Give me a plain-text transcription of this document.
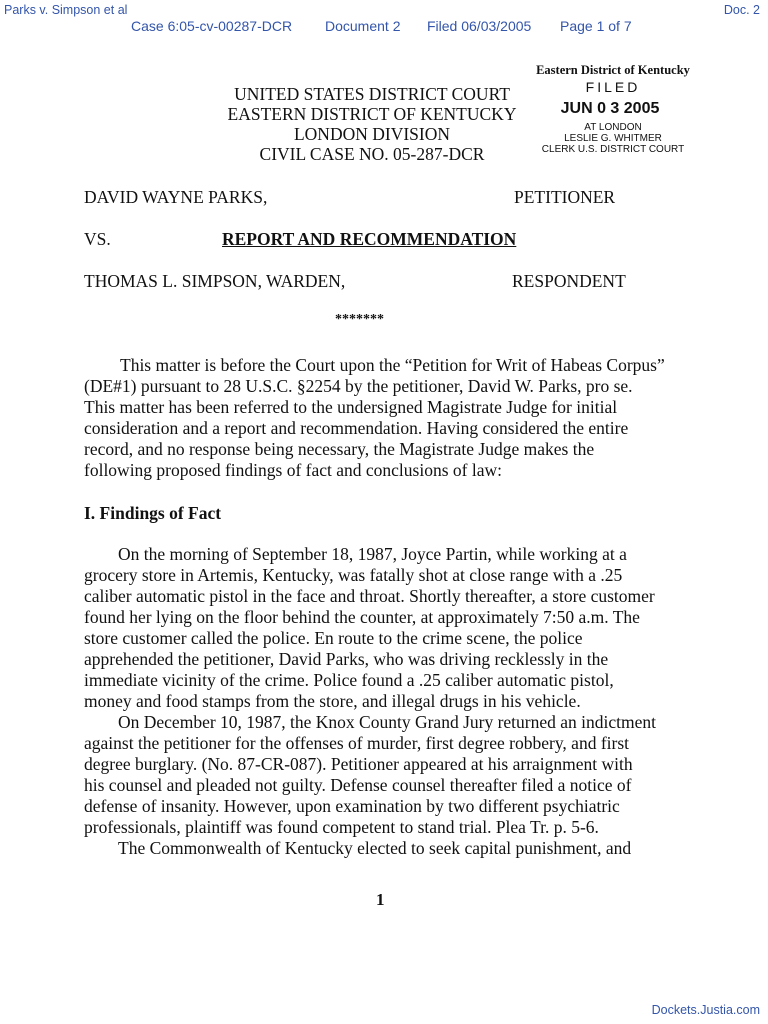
Parks v. Simpson et al	Doc. 2
Case 6:05-cv-00287-DCR Document 2 Filed 06/03/2005 Page 1 of 7
UNITED STATES DISTRICT COURT
EASTERN DISTRICT OF KENTUCKY
LONDON DIVISION
CIVIL CASE NO. 05-287-DCR
Eastern District of Kentucky
FILED
JUN 0 3 2005
AT LONDON
LESLIE G. WHITMER
CLERK U.S. DISTRICT COURT
DAVID WAYNE PARKS,	PETITIONER
VS.	REPORT AND RECOMMENDATION
THOMAS L. SIMPSON, WARDEN,	RESPONDENT
*******
This matter is before the Court upon the “Petition for Writ of Habeas Corpus”
(DE#1) pursuant to 28 U.S.C. §2254 by the petitioner, David W. Parks, pro se.
This matter has been referred to the undersigned Magistrate Judge for initial
consideration and a report and recommendation. Having considered the entire
record, and no response being necessary, the Magistrate Judge makes the
following proposed findings of fact and conclusions of law:
I. Findings of Fact
On the morning of September 18, 1987, Joyce Partin, while working at a
grocery store in Artemis, Kentucky, was fatally shot at close range with a .25
caliber automatic pistol in the face and throat. Shortly thereafter, a store customer
found her lying on the floor behind the counter, at approximately 7:50 a.m. The
store customer called the police. En route to the crime scene, the police
apprehended the petitioner, David Parks, who was driving recklessly in the
immediate vicinity of the crime. Police found a .25 caliber automatic pistol,
money and food stamps from the store, and illegal drugs in his vehicle.
On December 10, 1987, the Knox County Grand Jury returned an indictment
against the petitioner for the offenses of murder, first degree robbery, and first
degree burglary. (No. 87-CR-087). Petitioner appeared at his arraignment with
his counsel and pleaded not guilty. Defense counsel thereafter filed a notice of
defense of insanity. However, upon examination by two different psychiatric
professionals, plaintiff was found competent to stand trial. Plea Tr. p. 5-6.
The Commonwealth of Kentucky elected to seek capital punishment, and
1
Dockets.Justia.com
